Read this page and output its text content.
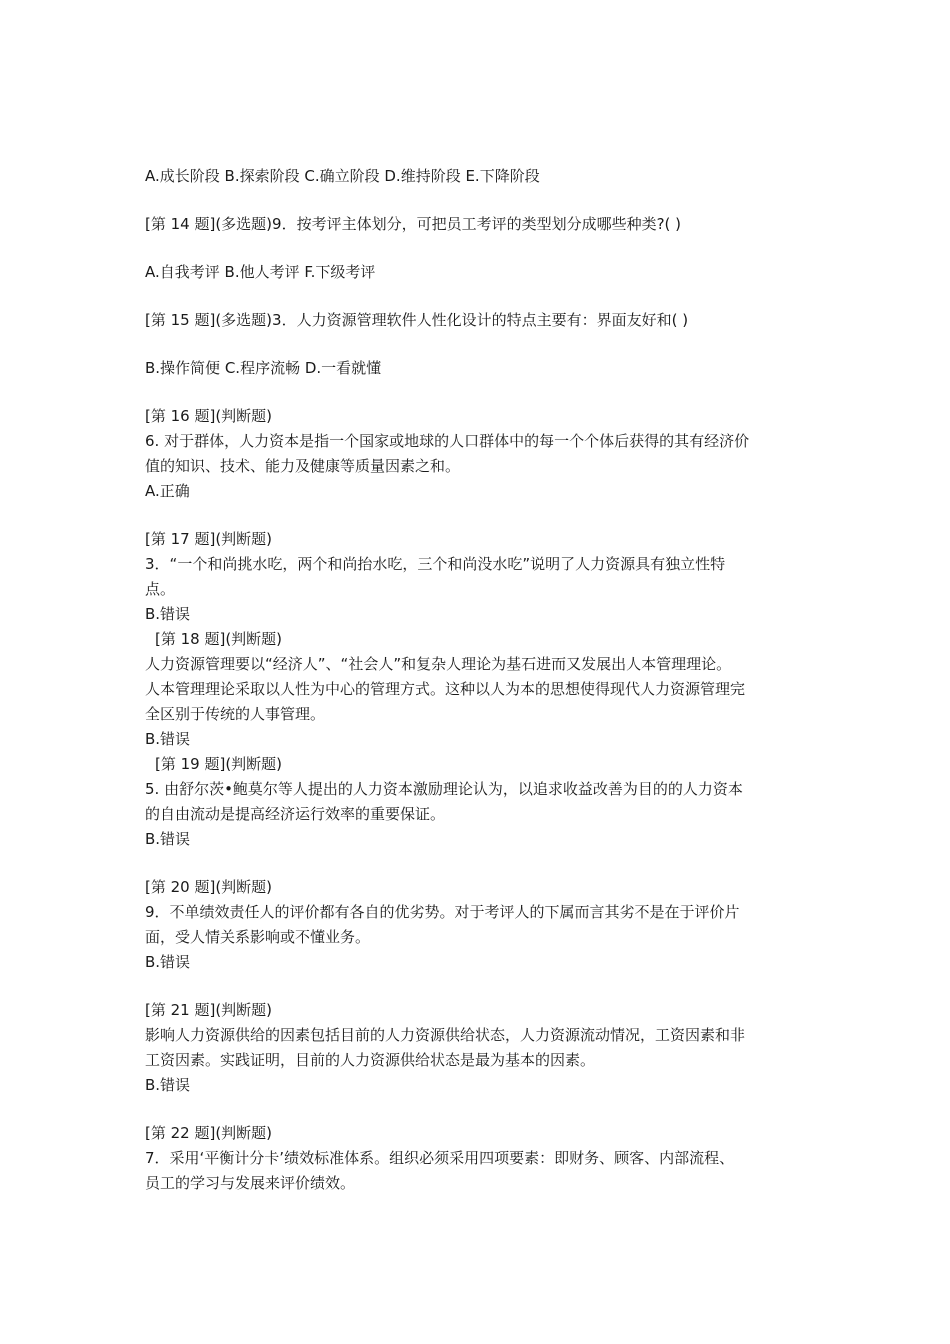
A.成长阶段 B.探索阶段 C.确立阶段 D.维持阶段 E.下降阶段

[第 14 题](多选题)9．按考评主体划分，可把员工考评的类型划分成哪些种类?( )

A.自我考评 B.他人考评 F.下级考评

[第 15 题](多选题)3．人力资源管理软件人性化设计的特点主要有：界面友好和( )

B.操作简便 C.程序流畅 D.一看就懂

[第 16 题](判断题)

6. 对于群体，人力资本是指一个国家或地球的人口群体中的每一个个体后获得的其有经济价

值的知识、技术、能力及健康等质量因素之和。

A.正确

[第 17 题](判断题)

3．“一个和尚挑水吃，两个和尚抬水吃，三个和尚没水吃”说明了人力资源具有独立性特

点。

B.错误

[第 18 题](判断题)

人力资源管理要以“经济人”、“社会人”和复杂人理论为基石进而又发展出人本管理理论。

人本管理理论采取以人性为中心的管理方式。这种以人为本的思想使得现代人力资源管理完

全区别于传统的人事管理。

B.错误

[第 19 题](判断题)

5. 由舒尔茨•鲍莫尔等人提出的人力资本激励理论认为，以追求收益改善为目的的人力资本

的自由流动是提高经济运行效率的重要保证。

B.错误

[第 20 题](判断题)

9．不单绩效责任人的评价都有各自的优劣势。对于考评人的下属而言其劣不是在于评价片

面，受人情关系影响或不懂业务。

B.错误

[第 21 题](判断题)

影响人力资源供给的因素包括目前的人力资源供给状态，人力资源流动情况，工资因素和非

工资因素。实践证明，目前的人力资源供给状态是最为基本的因素。

B.错误

[第 22 题](判断题)

7．采用‘平衡计分卡’绩效标准体系。组织必须采用四项要素：即财务、顾客、内部流程、

员工的学习与发展来评价绩效。
